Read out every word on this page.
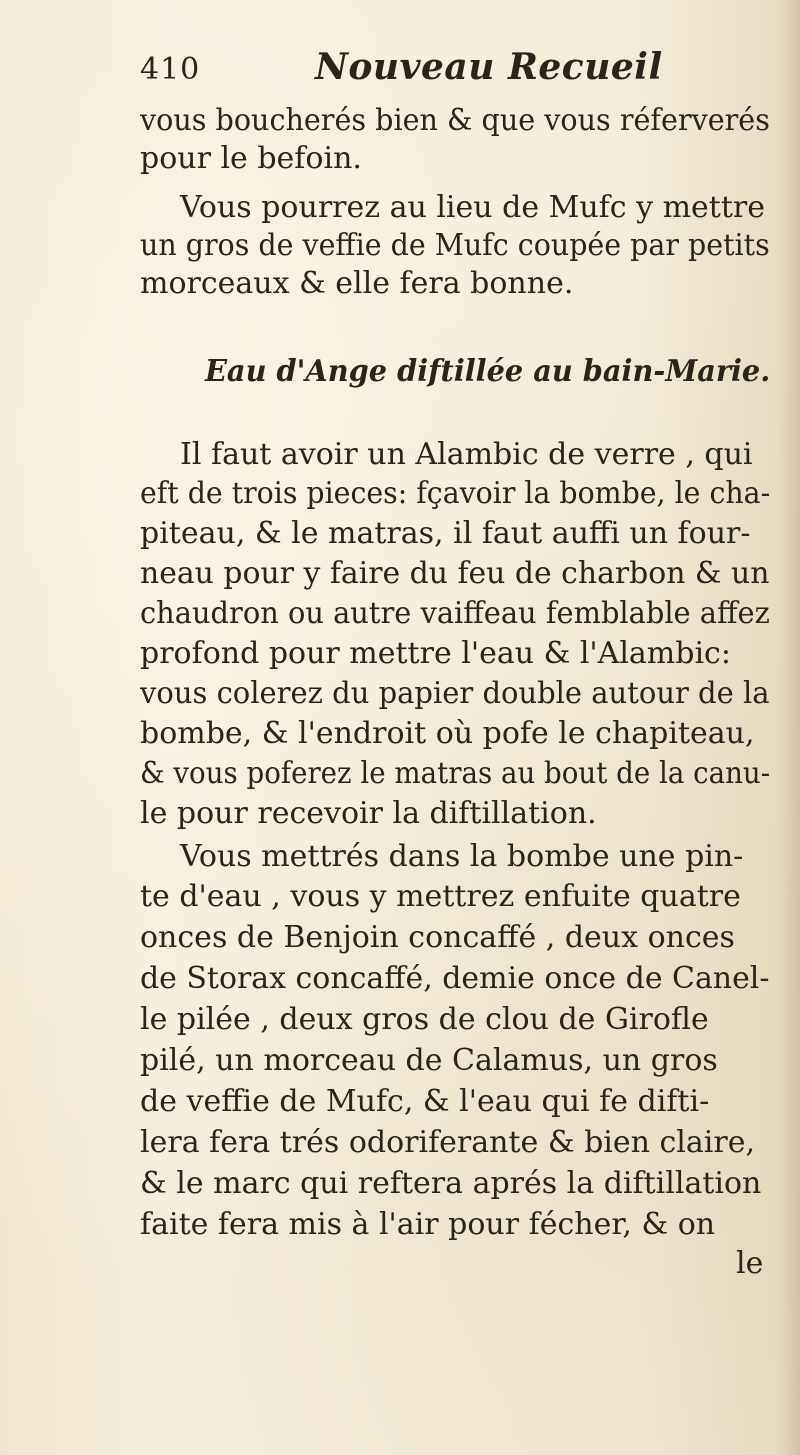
410	Nouveau Recueil
vous boucherés bien & que vous réferverés
pour le befoin.
Vous pourrez au lieu de Mufc y mettre
un gros de veffie de Mufc coupée par petits
morceaux & elle fera bonne.
Eau d'Ange diftillée au bain-Marie.
Il faut avoir un Alambic de verre , qui
eft de trois pieces: fçavoir la bombe, le cha-
piteau, & le matras, il faut auffi un four-
neau pour y faire du feu de charbon & un
chaudron ou autre vaiffeau femblable affez
profond pour mettre l'eau & l'Alambic:
vous colerez du papier double autour de la
bombe, & l'endroit où pofe le chapiteau,
& vous poferez le matras au bout de la canu-
le pour recevoir la diftillation.
Vous mettrés dans la bombe une pin-
te d'eau , vous y mettrez enfuite quatre
onces de Benjoin concaffé , deux onces
de Storax concaffé, demie once de Canel-
le pilée , deux gros de clou de Girofle
pilé, un morceau de Calamus, un gros
de veffie de Mufc, & l'eau qui fe difti-
lera fera trés odoriferante & bien claire,
& le marc qui reftera aprés la diftillation
faite fera mis à l'air pour fécher, & on
le
